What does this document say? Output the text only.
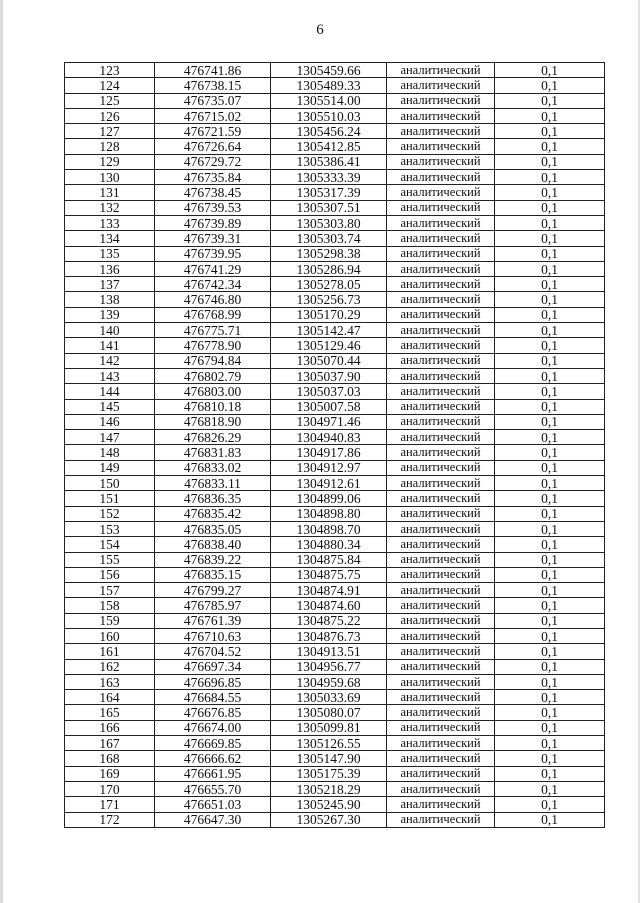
6
123	476741.86	1305459.66	аналитический	0,1
124	476738.15	1305489.33	аналитический	0,1
125	476735.07	1305514.00	аналитический	0,1
126	476715.02	1305510.03	аналитический	0,1
127	476721.59	1305456.24	аналитический	0,1
128	476726.64	1305412.85	аналитический	0,1
129	476729.72	1305386.41	аналитический	0,1
130	476735.84	1305333.39	аналитический	0,1
131	476738.45	1305317.39	аналитический	0,1
132	476739.53	1305307.51	аналитический	0,1
133	476739.89	1305303.80	аналитический	0,1
134	476739.31	1305303.74	аналитический	0,1
135	476739.95	1305298.38	аналитический	0,1
136	476741.29	1305286.94	аналитический	0,1
137	476742.34	1305278.05	аналитический	0,1
138	476746.80	1305256.73	аналитический	0,1
139	476768.99	1305170.29	аналитический	0,1
140	476775.71	1305142.47	аналитический	0,1
141	476778.90	1305129.46	аналитический	0,1
142	476794.84	1305070.44	аналитический	0,1
143	476802.79	1305037.90	аналитический	0,1
144	476803.00	1305037.03	аналитический	0,1
145	476810.18	1305007.58	аналитический	0,1
146	476818.90	1304971.46	аналитический	0,1
147	476826.29	1304940.83	аналитический	0,1
148	476831.83	1304917.86	аналитический	0,1
149	476833.02	1304912.97	аналитический	0,1
150	476833.11	1304912.61	аналитический	0,1
151	476836.35	1304899.06	аналитический	0,1
152	476835.42	1304898.80	аналитический	0,1
153	476835.05	1304898.70	аналитический	0,1
154	476838.40	1304880.34	аналитический	0,1
155	476839.22	1304875.84	аналитический	0,1
156	476835.15	1304875.75	аналитический	0,1
157	476799.27	1304874.91	аналитический	0,1
158	476785.97	1304874.60	аналитический	0,1
159	476761.39	1304875.22	аналитический	0,1
160	476710.63	1304876.73	аналитический	0,1
161	476704.52	1304913.51	аналитический	0,1
162	476697.34	1304956.77	аналитический	0,1
163	476696.85	1304959.68	аналитический	0,1
164	476684.55	1305033.69	аналитический	0,1
165	476676.85	1305080.07	аналитический	0,1
166	476674.00	1305099.81	аналитический	0,1
167	476669.85	1305126.55	аналитический	0,1
168	476666.62	1305147.90	аналитический	0,1
169	476661.95	1305175.39	аналитический	0,1
170	476655.70	1305218.29	аналитический	0,1
171	476651.03	1305245.90	аналитический	0,1
172	476647.30	1305267.30	аналитический	0,1
